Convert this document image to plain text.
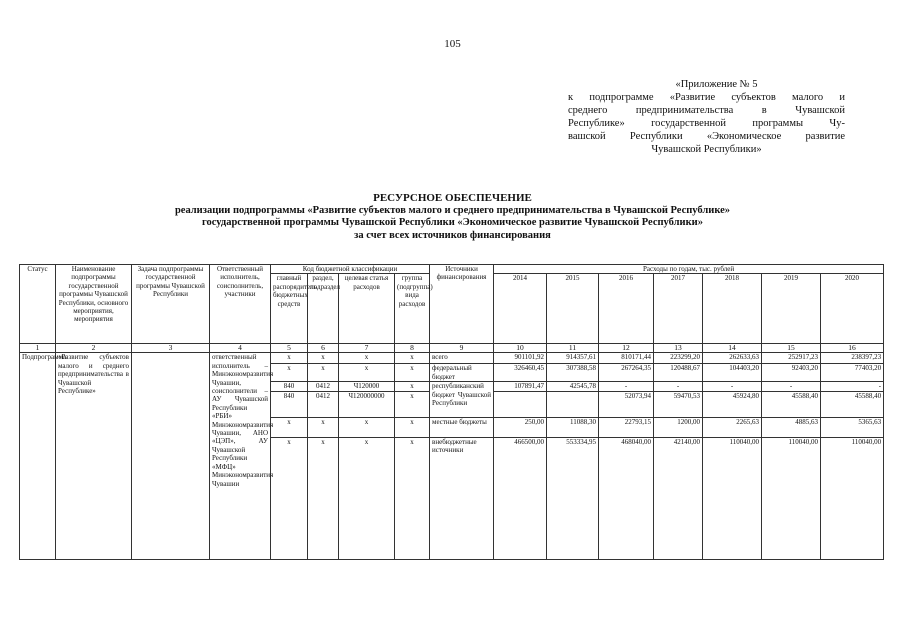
105
«Приложение № 5
к подпрограмме «Развитие субъектов малого и
среднего предпринимательства в Чувашской
Республике» государственной программы Чу-
вашской Республики «Экономическое развитие
Чувашской Республики»
РЕСУРСНОЕ ОБЕСПЕЧЕНИЕ
реализации подпрограммы «Развитие субъектов малого и среднего предпринимательства в Чувашской Республике»
государственной программы Чувашской Республики «Экономическое развитие Чувашской Республики»
за счет всех источников финансирования
Статус	Наименование подпрограммы государственной программы Чувашской Республики, основного мероприятия, мероприятия	Задача подпрограммы государственной программы Чувашской Республики	Ответственный исполнитель, соисполнитель, участники	Код бюджетной классификации				Источники финансирования	Расходы по годам, тыс. рублей						
				главный распорядитель бюджетных средств	раздел, подраздел	целевая статья расходов	группа (подгруппа) вида расходов		2014	2015	2016	2017	2018	2019	2020
1	2	3	4	5	6	7	8	9	10	11	12	13	14	15	16
Подпрограмма	«Развитие субъектов малого и среднего предпринимательства в Чувашской Республике»		ответственный исполнитель – Минэкономразвития Чувашии, соисполнители – АУ Чувашской Республики «РБИ» Минэкономразвития Чувашии, АНО «ЦЭП», АУ Чувашской Республики «МФЦ» Минэкономразвития Чувашии	x	x	x	x	всего	901101,92	914357,61	810171,44	223299,20	262633,63	252917,23	238397,23
				x	x	x	x	федеральный бюджет	326460,45	307388,58	267264,35	120488,67	104403,20	92403,20	77403,20
				840	0412	Ч120000	x	республиканский бюджет Чувашской Республики	107891,47	42545,78	-	-	-	-	-
				840	0412	Ч120000000	x				52073,94	59470,53	45924,80	45588,40	45588,40
				x	x	x	x	местные бюджеты	250,00	11088,30	22793,15	1200,00	2265,63	4885,63	5365,63
				x	x	x	x	внебюджетные источники	466500,00	553334,95	468040,00	42140,00	110040,00	110040,00	110040,00
